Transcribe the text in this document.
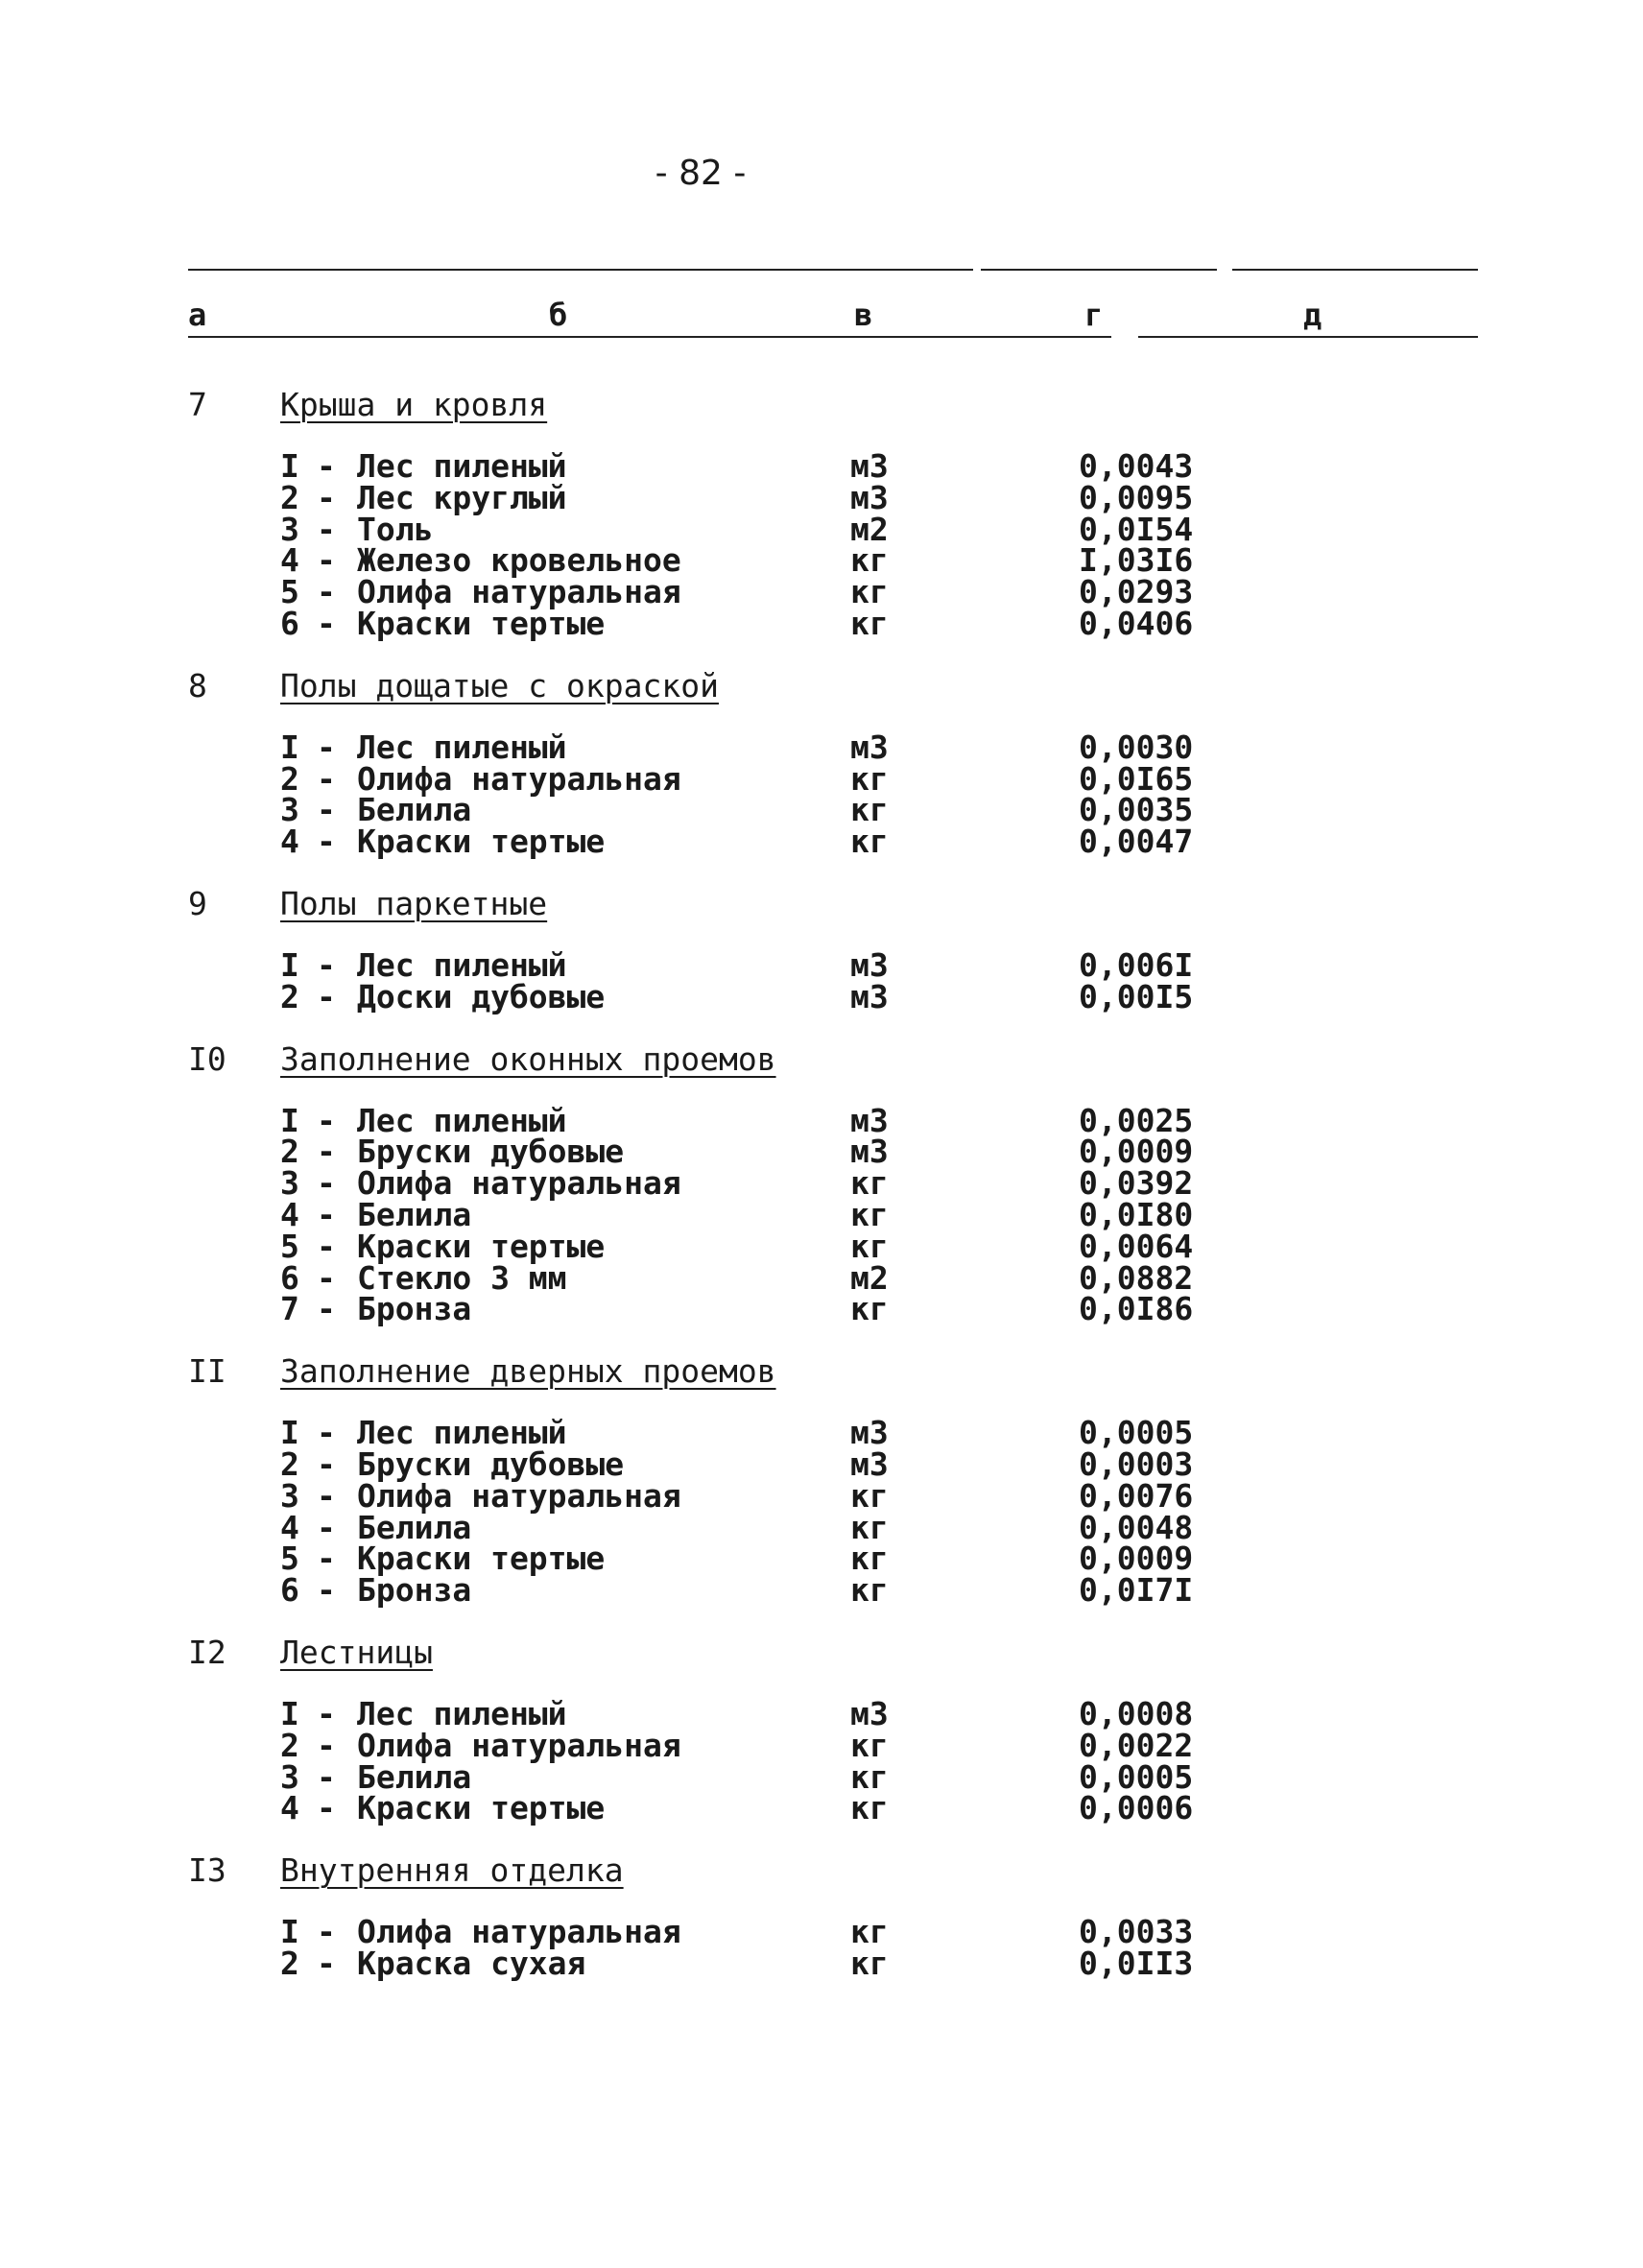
- 82 -
а	б	в	г	д
7 Крыша и кровля
I - Лес пиленый	м3	0,0043
2 - Лес круглый	м3	0,0095
3 - Толь	м2	0,0I54
4 - Железо кровельное	кг	I,03I6
5 - Олифа натуральная	кг	0,0293
6 - Краски тертые	кг	0,0406
8 Полы дощатые с окраской
I - Лес пиленый	м3	0,0030
2 - Олифа натуральная	кг	0,0I65
3 - Белила	кг	0,0035
4 - Краски тертые	кг	0,0047
9 Полы паркетные
I - Лес пиленый	м3	0,006I
2 - Доски дубовые	м3	0,00I5
I0 Заполнение оконных проемов
I - Лес пиленый	м3	0,0025
2 - Бруски дубовые	м3	0,0009
3 - Олифа натуральная	кг	0,0392
4 - Белила	кг	0,0I80
5 - Краски тертые	кг	0,0064
6 - Стекло 3 мм	м2	0,0882
7 - Бронза	кг	0,0I86
II Заполнение дверных проемов
I - Лес пиленый	м3	0,0005
2 - Бруски дубовые	м3	0,0003
3 - Олифа натуральная	кг	0,0076
4 - Белила	кг	0,0048
5 - Краски тертые	кг	0,0009
6 - Бронза	кг	0,0I7I
I2 Лестницы
I - Лес пиленый	м3	0,0008
2 - Олифа натуральная	кг	0,0022
3 - Белила	кг	0,0005
4 - Краски тертые	кг	0,0006
I3 Внутренняя отделка
I - Олифа натуральная	кг	0,0033
2 - Краска сухая	кг	0,0II3
